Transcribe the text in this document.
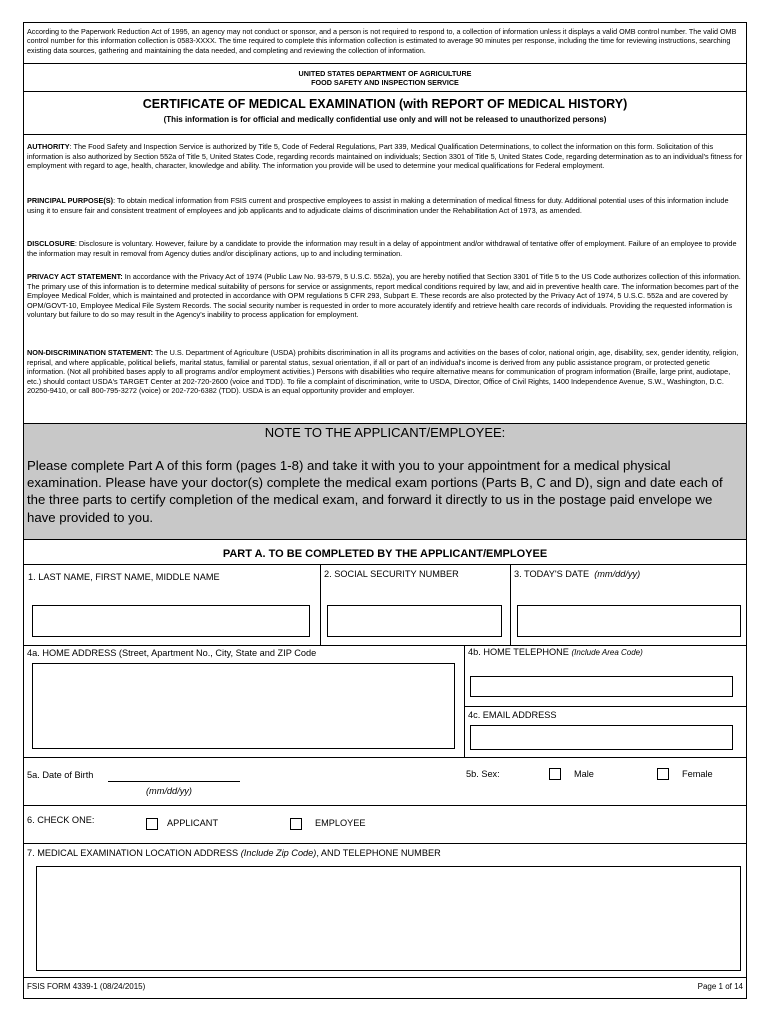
According to the Paperwork Reduction Act of 1995, an agency may not conduct or sponsor, and a person is not required to respond to, a collection of information unless it displays a valid OMB control number. The valid OMB control number for this information collection is 0583-XXXX. The time required to complete this information collection is estimated to average 90 minutes per response, including the time for reviewing instructions, searching existing data sources, gathering and maintaining the data needed, and completing and reviewing the collection of information.
UNITED STATES DEPARTMENT OF AGRICULTURE
FOOD SAFETY AND INSPECTION SERVICE
CERTIFICATE OF MEDICAL EXAMINATION (with REPORT OF MEDICAL HISTORY)
(This information is for official and medically confidential use only and will not be released to unauthorized persons)
AUTHORITY: The Food Safety and Inspection Service is authorized by Title 5, Code of Federal Regulations, Part 339, Medical Qualification Determinations, to collect the information on this form. Solicitation of this information is also authorized by Section 552a of Title 5, United States Code, regarding records maintained on individuals; Section 3301 of Title 5, United States Code, regarding determination as to an individual's fitness for employment with regard to age, health, character, knowledge and ability. The information you provide will be used to determine your medical qualifications for Federal employment.
PRINCIPAL PURPOSE(S): To obtain medical information from FSIS current and prospective employees to assist in making a determination of medical fitness for duty. Additional potential uses of this information include using it to ensure fair and consistent treatment of employees and job applicants and to adjudicate claims of discrimination under the Rehabilitation Act of 1973, as amended.
DISCLOSURE: Disclosure is voluntary. However, failure by a candidate to provide the information may result in a delay of appointment and/or withdrawal of tentative offer of employment. Failure of an employee to provide the information may result in removal from Agency duties and/or disciplinary actions, up to and including termination.
PRIVACY ACT STATEMENT: In accordance with the Privacy Act of 1974 (Public Law No. 93-579, 5 U.S.C. 552a), you are hereby notified that Section 3301 of Title 5 to the US Code authorizes collection of this information. The primary use of this information is to determine medical suitability of persons for service or assignments, report medical conditions required by law, and aid in preventive health care. The information becomes part of the Employee Medical Folder, which is maintained and protected in accordance with OPM regulations 5 CFR 293, Subpart E. These records are also protected by the Privacy Act of 1974, 5 U.S.C. 552a and are covered by OPM/GOVT-10, Employee Medical File System Records. The social security number is requested in order to more accurately identify and retrieve health care records of individuals. Providing the requested information is voluntary but failure to do so may result in the Agency's inability to process application for employment.
NON-DISCRIMINATION STATEMENT: The U.S. Department of Agriculture (USDA) prohibits discrimination in all its programs and activities on the bases of color, national origin, age, disability, sex, gender identity, religion, reprisal, and where applicable, political beliefs, marital status, familial or parental status, sexual orientation, if all or part of an individual's income is derived from any public assistance program, or protected genetic information. (Not all prohibited bases apply to all programs and/or employment activities.) Persons with disabilities who require alternative means for communication of program information (Braille, large print, audiotape, etc.) should contact USDA's TARGET Center at 202-720-2600 (voice and TDD). To file a complaint of discrimination, write to USDA, Director, Office of Civil Rights, 1400 Independence Avenue, S.W., Washington, D.C. 20250-9410, or call 800-795-3272 (voice) or 202-720-6382 (TDD). USDA is an equal opportunity provider and employer.
NOTE TO THE APPLICANT/EMPLOYEE:
Please complete Part A of this form (pages 1-8) and take it with you to your appointment for a medical physical examination. Please have your doctor(s) complete the medical exam portions (Parts B, C and D), sign and date each of the three parts to certify completion of the medical exam, and forward it directly to us in the postage paid envelope we have provided to you.
PART A. TO BE COMPLETED BY THE APPLICANT/EMPLOYEE
1. LAST NAME, FIRST NAME, MIDDLE NAME	2. SOCIAL SECURITY NUMBER	3. TODAY'S DATE (mm/dd/yy)
4a. HOME ADDRESS (Street, Apartment No., City, State and ZIP Code	4b. HOME TELEPHONE (Include Area Code)
4c. EMAIL ADDRESS
5a. Date of Birth
(mm/dd/yy)
5b. Sex:	Male	Female
6. CHECK ONE:	APPLICANT	EMPLOYEE
7. MEDICAL EXAMINATION LOCATION ADDRESS (Include Zip Code), AND TELEPHONE NUMBER
FSIS FORM 4339-1 (08/24/2015)	Page 1 of 14
